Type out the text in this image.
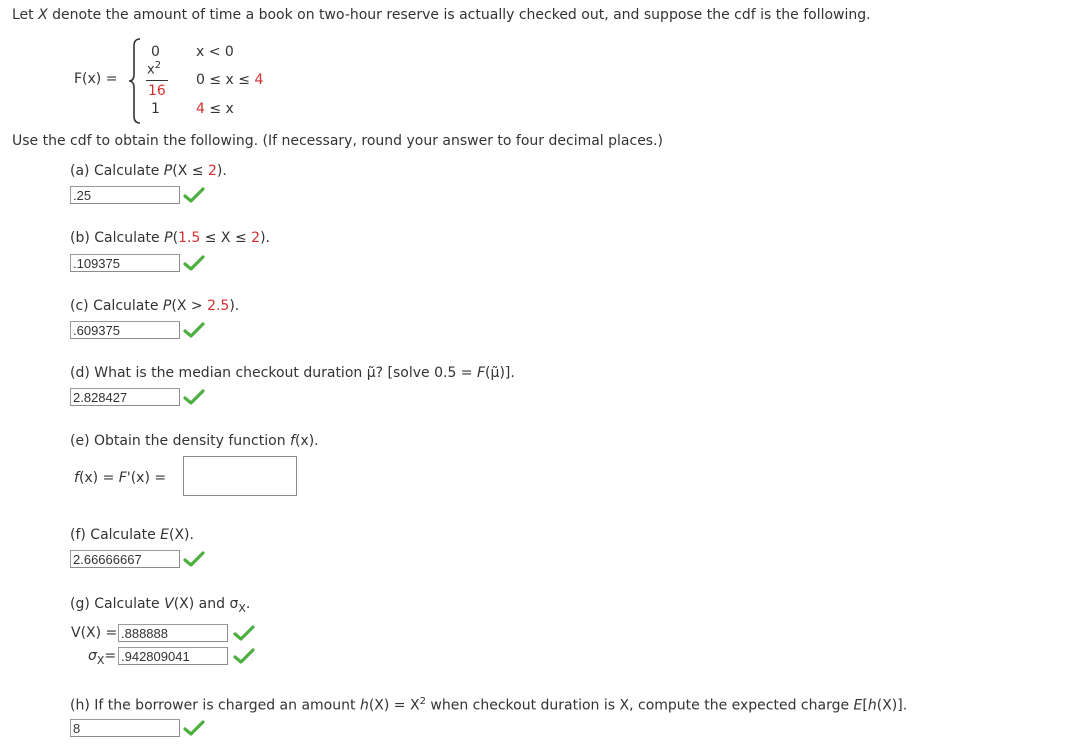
Let X denote the amount of time a book on two-hour reserve is actually checked out, and suppose the cdf is the following.
F(x) =
0	x < 0
$x^2$
16
0 ≤ x ≤ 4
1	4 ≤ x
Use the cdf to obtain the following. (If necessary, round your answer to four decimal places.)
(a) Calculate P(X ≤ 2).
.25
(b) Calculate P(1.5 ≤ X ≤ 2).
.109375
(c) Calculate P(X > 2.5).
.609375
(d) What is the median checkout duration μ̃? [solve 0.5 = F(μ̃)].
2.828427
(e) Obtain the density function f(x).
f(x) = F'(x) =
(f) Calculate E(X).
2.66666667
(g) Calculate V(X) and $\sigma_X$.
V(X) = .888888
$\sigma_X= .942809041$
(h) If the borrower is charged an amount $h(X) = X^2$ when checkout duration is X, compute the expected charge E[h(X)].
8
